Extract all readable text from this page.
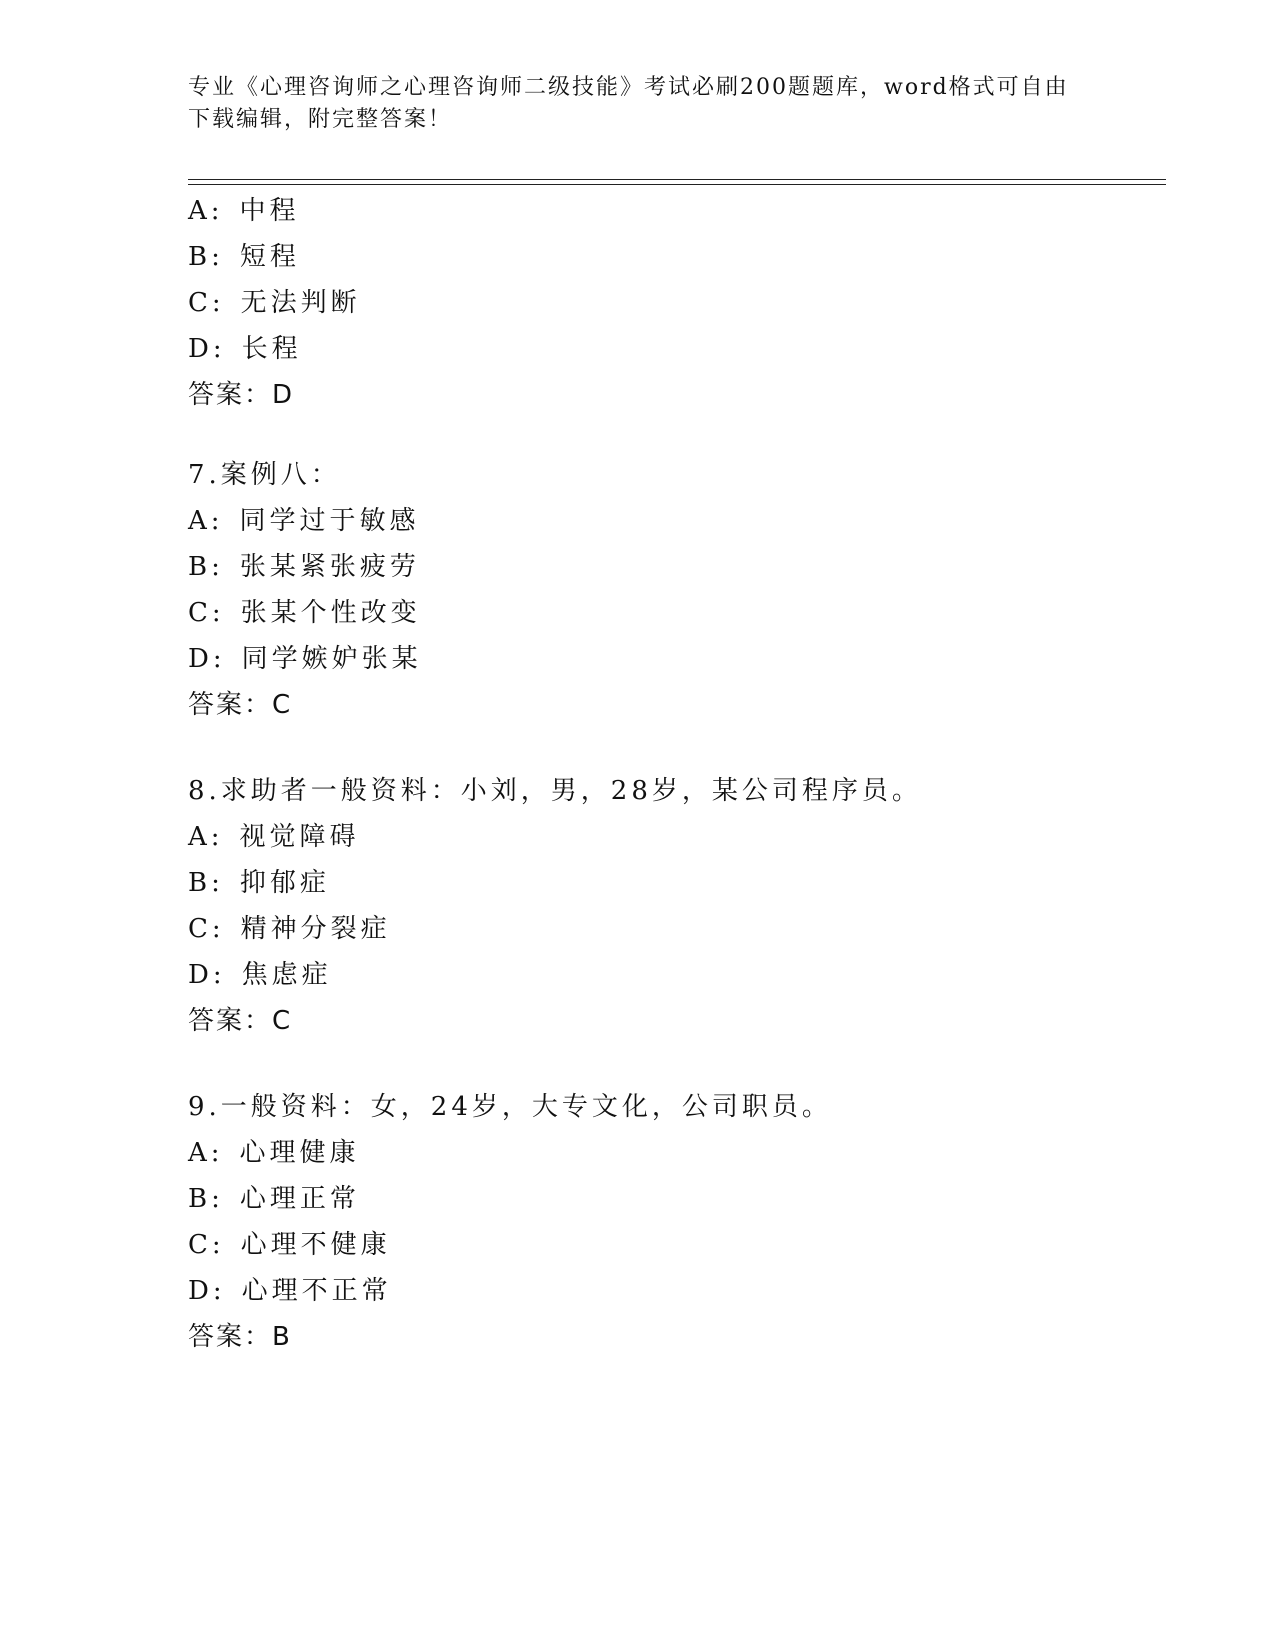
专业《心理咨询师之心理咨询师二级技能》考试必刷200题题库，word格式可自由下载编辑，附完整答案！
A: 中程
B: 短程
C: 无法判断
D: 长程
答案：D
7.案例八：
A: 同学过于敏感
B: 张某紧张疲劳
C: 张某个性改变
D: 同学嫉妒张某
答案：C
8.求助者一般资料：小刘，男，28岁，某公司程序员。
A: 视觉障碍
B: 抑郁症
C: 精神分裂症
D: 焦虑症
答案：C
9.一般资料：女，24岁，大专文化，公司职员。
A: 心理健康
B: 心理正常
C: 心理不健康
D: 心理不正常
答案：B
